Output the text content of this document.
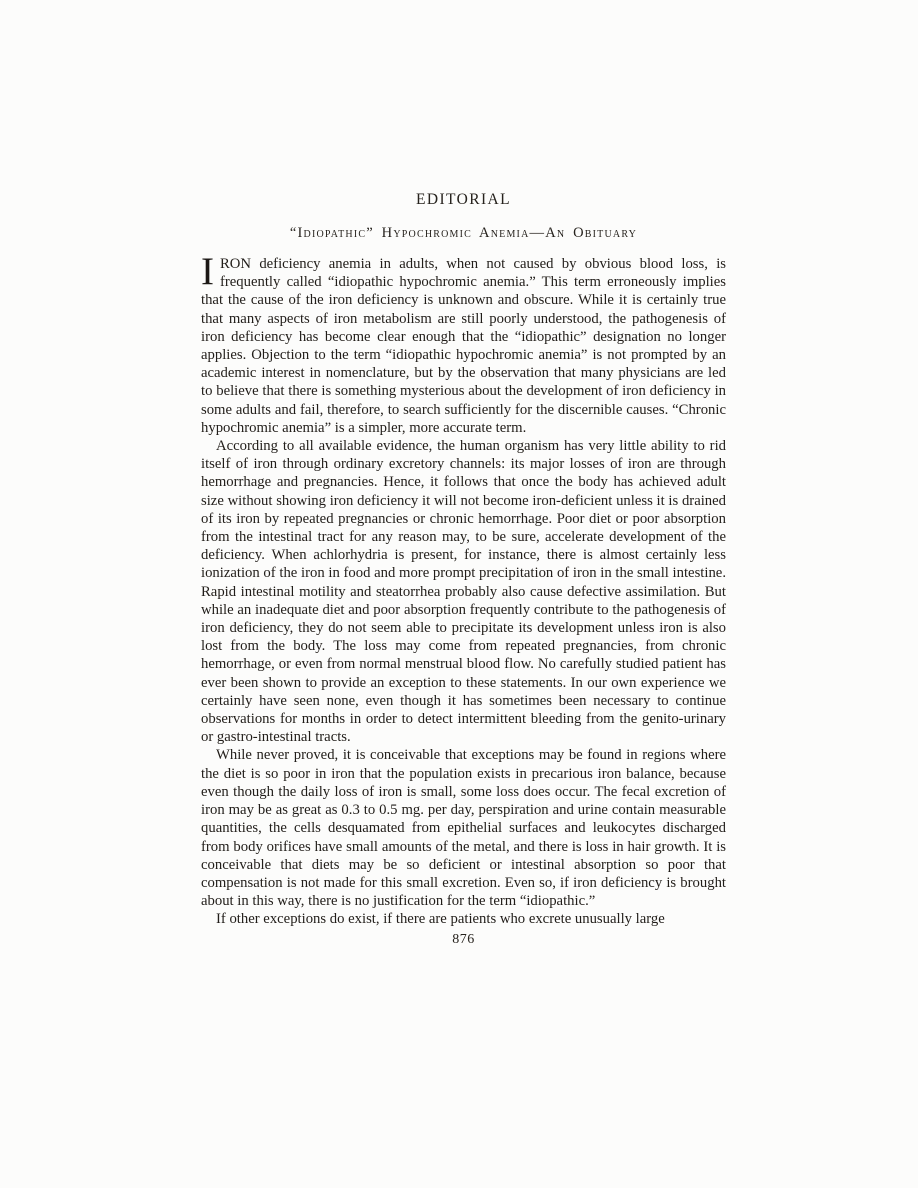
EDITORIAL
“Idiopathic” Hypochromic Anemia—An Obituary

IRON deficiency anemia in adults, when not caused by obvious blood loss, is frequently called “idiopathic hypochromic anemia.” This term erroneously implies that the cause of the iron deficiency is unknown and obscure. While it is certainly true that many aspects of iron metabolism are still poorly understood, the pathogenesis of iron deficiency has become clear enough that the “idiopathic” designation no longer applies. Objection to the term “idiopathic hypochromic anemia” is not prompted by an academic interest in nomenclature, but by the observation that many physicians are led to believe that there is something mysterious about the development of iron deficiency in some adults and fail, therefore, to search sufficiently for the discernible causes. “Chronic hypochromic anemia” is a simpler, more accurate term.

According to all available evidence, the human organism has very little ability to rid itself of iron through ordinary excretory channels: its major losses of iron are through hemorrhage and pregnancies. Hence, it follows that once the body has achieved adult size without showing iron deficiency it will not become iron-deficient unless it is drained of its iron by repeated pregnancies or chronic hemorrhage. Poor diet or poor absorption from the intestinal tract for any reason may, to be sure, accelerate development of the deficiency. When achlorhydria is present, for instance, there is almost certainly less ionization of the iron in food and more prompt precipitation of iron in the small intestine. Rapid intestinal motility and steatorrhea probably also cause defective assimilation. But while an inadequate diet and poor absorption frequently contribute to the pathogenesis of iron deficiency, they do not seem able to precipitate its development unless iron is also lost from the body. The loss may come from repeated pregnancies, from chronic hemorrhage, or even from normal menstrual blood flow. No carefully studied patient has ever been shown to provide an exception to these statements. In our own experience we certainly have seen none, even though it has sometimes been necessary to continue observations for months in order to detect intermittent bleeding from the genito-urinary or gastro-intestinal tracts.

While never proved, it is conceivable that exceptions may be found in regions where the diet is so poor in iron that the population exists in precarious iron balance, because even though the daily loss of iron is small, some loss does occur. The fecal excretion of iron may be as great as 0.3 to 0.5 mg. per day, perspiration and urine contain measurable quantities, the cells desquamated from epithelial surfaces and leukocytes discharged from body orifices have small amounts of the metal, and there is loss in hair growth. It is conceivable that diets may be so deficient or intestinal absorption so poor that compensation is not made for this small excretion. Even so, if iron deficiency is brought about in this way, there is no justification for the term “idiopathic.”

If other exceptions do exist, if there are patients who excrete unusually large

876
